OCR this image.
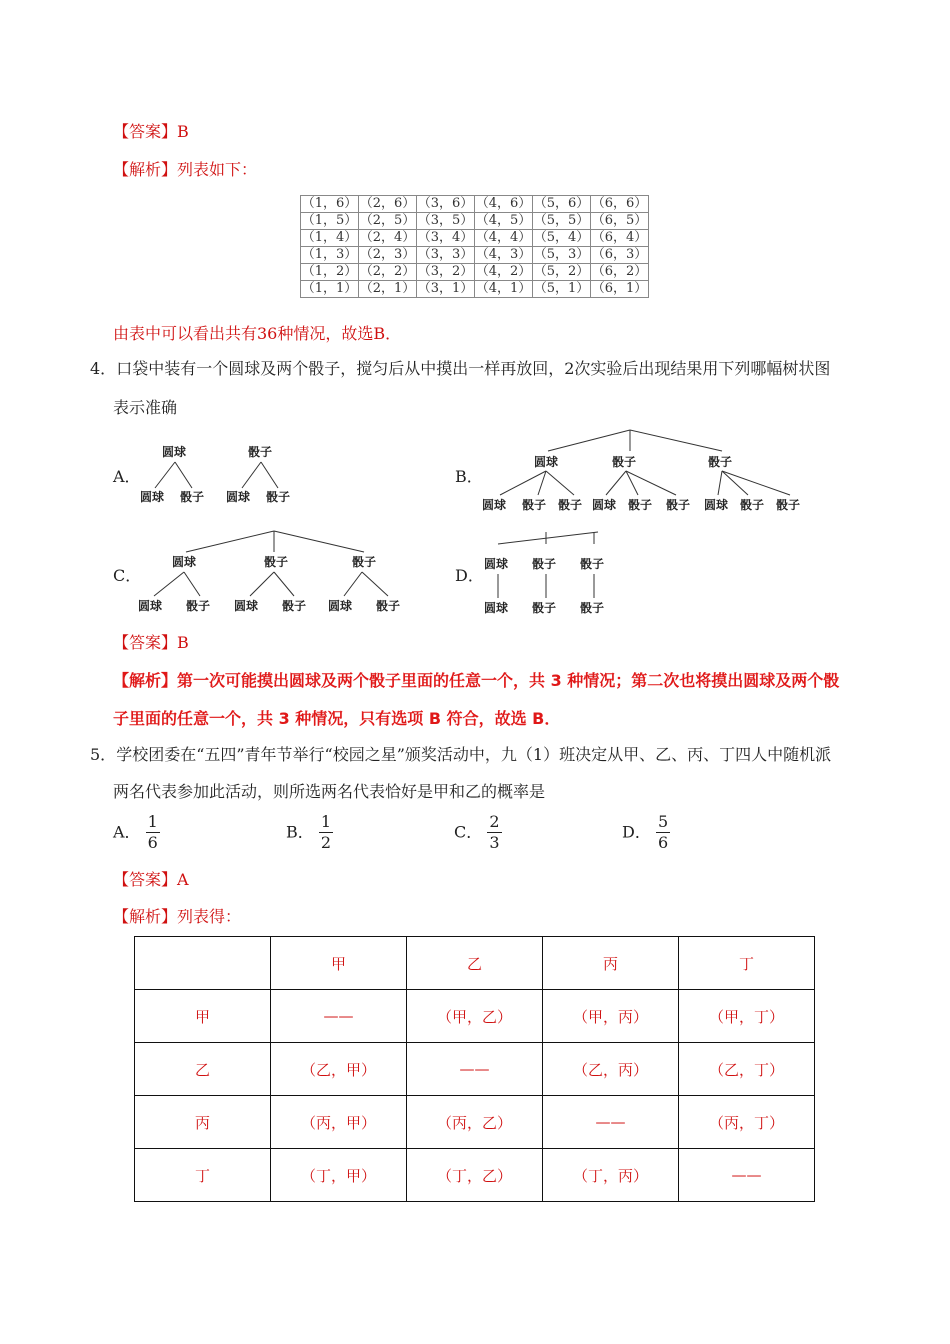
【答案】B
【解析】列表如下：
（1，6）	（2，6）	（3，6）	（4，6）	（5，6）	（6，6）
（1，5）	（2，5）	（3，5）	（4，5）	（5，5）	（6，5）
（1，4）	（2，4）	（3，4）	（4，4）	（5，4）	（6，4）
（1，3）	（2，3）	（3，3）	（4，3）	（5，3）	（6，3）
（1，2）	（2，2）	（3，2）	（4，2）	（5，2）	（6，2）
（1，1）	（2，1）	（3，1）	（4，1）	（5，1）	（6，1）
由表中可以看出共有36种情况，故选B．
4．口袋中装有一个圆球及两个骰子，搅匀后从中摸出一样再放回，2次实验后出现结果用下列哪幅树状图
表示准确
A．
圆球
圆球 骰子
骰子
圆球 骰子
B．
圆球	骰子	骰子
圆球 骰子 骰子 圆球 骰子 骰子 圆球 骰子 骰子
C．
圆球	骰子	骰子
圆球 骰子 圆球 骰子 圆球 骰子
D．
圆球 骰子 骰子
圆球 骰子 骰子
【答案】B
【解析】第一次可能摸出圆球及两个骰子里面的任意一个，共 3 种情况；第二次也将摸出圆球及两个骰
子里面的任意一个，共 3 种情况，只有选项 B 符合，故选 B．
5．学校团委在“五四”青年节举行“校园之星”颁奖活动中，九（1）班决定从甲、乙、丙、丁四人中随机派
两名代表参加此活动，则所选两名代表恰好是甲和乙的概率是
A． $\frac{1}{6}$	B． $\frac{1}{2}$	C． $\frac{2}{3}$	D． $\frac{5}{6}$
【答案】A
【解析】列表得：
	甲	乙	丙	丁
甲	——	（甲，乙）	（甲，丙）	（甲，丁）
乙	（乙，甲）	——	（乙，丙）	（乙，丁）
丙	（丙，甲）	（丙，乙）	——	（丙，丁）
丁	（丁，甲）	（丁，乙）	（丁，丙）	——
